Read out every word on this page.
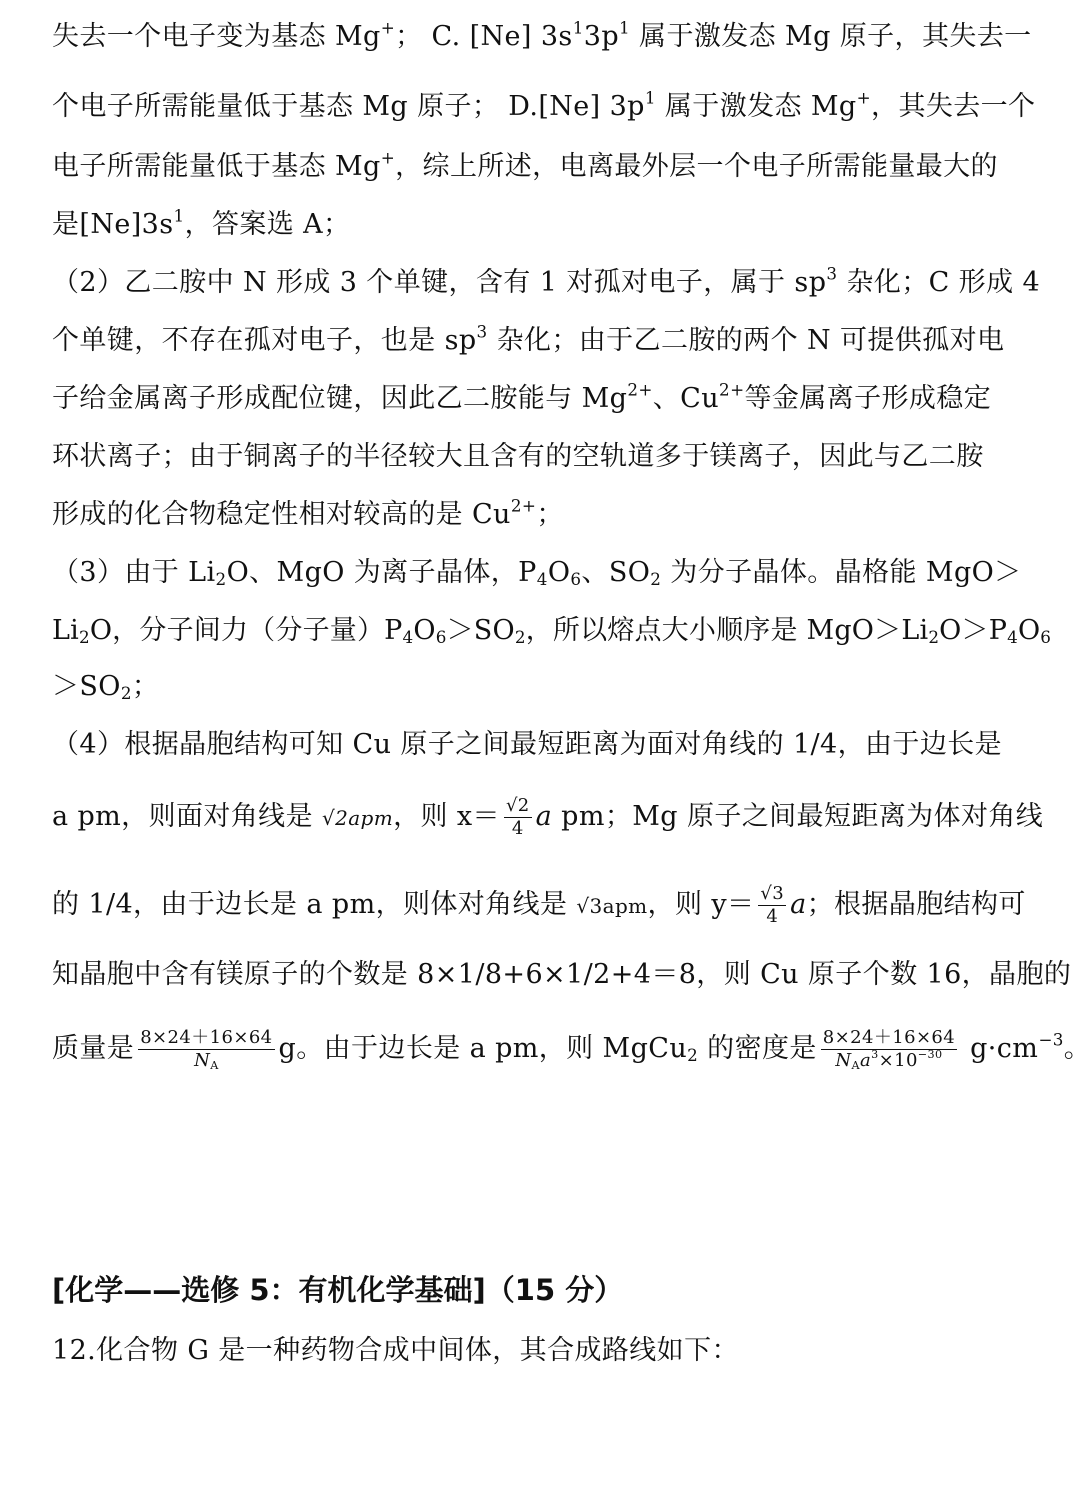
失去一个电子变为基态 Mg+； C. [Ne] $3s^13p^1$ 属于激发态 Mg 原子，其失去一
个电子所需能量低于基态 Mg 原子； D.[Ne] $3p^1$ 属于激发态 Mg+，其失去一个
电子所需能量低于基态 Mg+，综上所述，电离最外层一个电子所需能量最大的
是$[Ne]3s^1$，答案选 A；
（2）乙二胺中 N 形成 3 个单键，含有 1 对孤对电子，属于 $sp^3$ 杂化；C 形成 4
个单键，不存在孤对电子，也是 $sp^3$ 杂化；由于乙二胺的两个 N 可提供孤对电
子给金属离子形成配位键，因此乙二胺能与 $Mg^{2+}$、$Cu^{2+}$等金属离子形成稳定
环状离子；由于铜离子的半径较大且含有的空轨道多于镁离子，因此与乙二胺
形成的化合物稳定性相对较高的是 $Cu^{2+}$；
（3）由于 $Li_2O$、MgO 为离子晶体，$P_4O_6$、$SO_2$ 为分子晶体。晶格能 MgO＞
$Li_2O$，分子间力（分子量）$P_4O_6>SO_2$，所以熔点大小顺序是 $MgO>Li_2O>P_4O_6$
$>SO_2$；
（4）根据晶胞结构可知 Cu 原子之间最短距离为面对角线的 1/4，由于边长是
a pm，则面对角线是 √2apm，则 $x= \frac{√2}{4}$ a pm；Mg 原子之间最短距离为体对角线
的 1/4，由于边长是 a pm，则体对角线是 √3apm，则 $y= \frac{√3}{4}$ a；根据晶胞结构可
知晶胞中含有镁原子的个数是 8×1/8+6×1/2+4＝8，则 Cu 原子个数 16，晶胞的
质量是 $\frac{8\times 24+16\times 64}{N_A}$ g。由于边长是 a pm，则 MgCu$_2$ 的密度是 $\frac{8\times 24+16\times 64}{N_Aa^3\times 10^{-30}} g\cdot cm^{-3}$。
[化学——选修 5：有机化学基础]（15 分）
12.化合物 G 是一种药物合成中间体，其合成路线如下：
